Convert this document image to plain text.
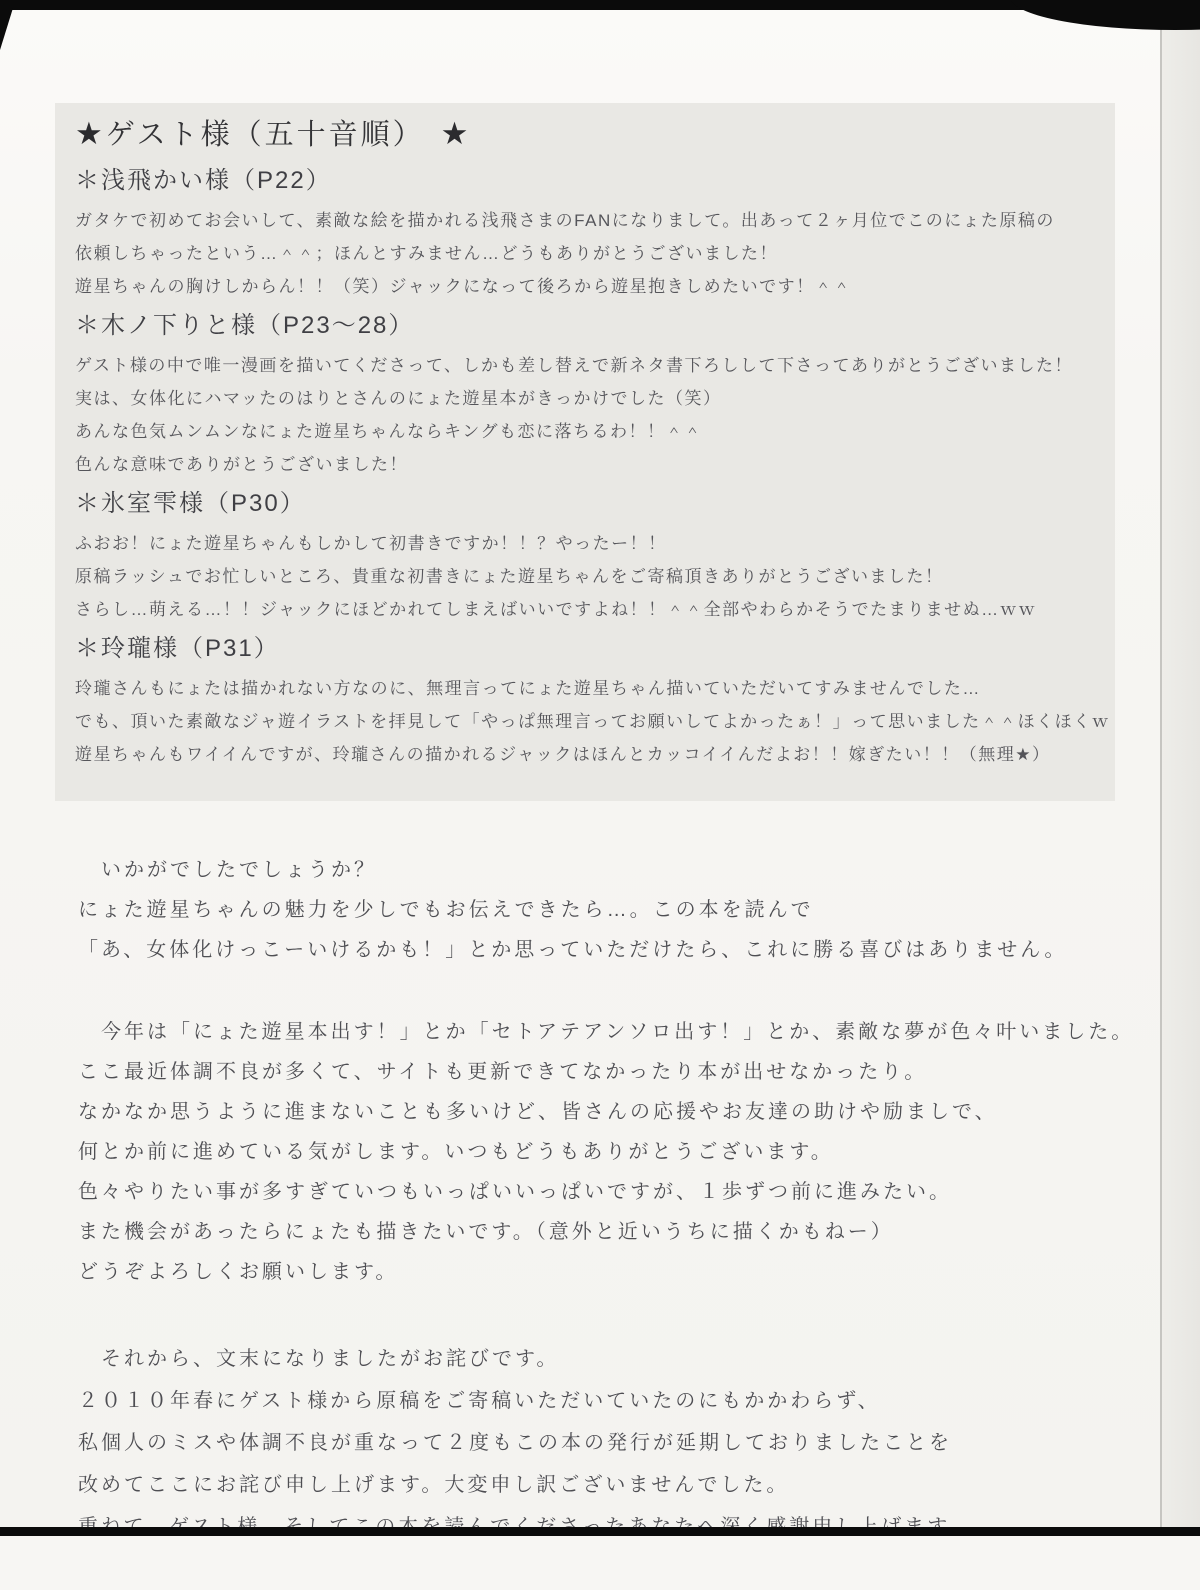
★ゲスト様（五十音順） ★
＊浅飛かい様（P22）
ガタケで初めてお会いして、素敵な絵を描かれる浅飛さまのFANになりまして。出あって２ヶ月位でこのにょた原稿の
依頼しちゃったという…＾＾；ほんとすみません…どうもありがとうございました！
遊星ちゃんの胸けしからん！！（笑）ジャックになって後ろから遊星抱きしめたいです！＾＾
＊木ノ下りと様（P23～28）
ゲスト様の中で唯一漫画を描いてくださって、しかも差し替えで新ネタ書下ろしして下さってありがとうございました！
実は、女体化にハマッたのはりとさんのにょた遊星本がきっかけでした（笑）
あんな色気ムンムンなにょた遊星ちゃんならキングも恋に落ちるわ！！＾＾
色んな意味でありがとうございました！
＊氷室雫様（P30）
ふおお！にょた遊星ちゃんもしかして初書きですか！！？やったー！！
原稿ラッシュでお忙しいところ、貴重な初書きにょた遊星ちゃんをご寄稿頂きありがとうございました！
さらし…萌える…！！ジャックにほどかれてしまえばいいですよね！！＾＾全部やわらかそうでたまりませぬ…ｗｗ
＊玲瓏様（P31）
玲瓏さんもにょたは描かれない方なのに、無理言ってにょた遊星ちゃん描いていただいてすみませんでした…
でも、頂いた素敵なジャ遊イラストを拝見して「やっぱ無理言ってお願いしてよかったぁ！」って思いました＾＾ほくほくｗ
遊星ちゃんもワイイんですが、玲瓏さんの描かれるジャックはほんとカッコイイんだよお！！嫁ぎたい！！（無理★）
　いかがでしたでしょうか？
にょた遊星ちゃんの魅力を少しでもお伝えできたら…。この本を読んで
「あ、女体化けっこーいけるかも！」とか思っていただけたら、これに勝る喜びはありません。
　今年は「にょた遊星本出す！」とか「セトアテアンソロ出す！」とか、素敵な夢が色々叶いました。
ここ最近体調不良が多くて、サイトも更新できてなかったり本が出せなかったり。
なかなか思うように進まないことも多いけど、皆さんの応援やお友達の助けや励ましで、
何とか前に進めている気がします。いつもどうもありがとうございます。
色々やりたい事が多すぎていつもいっぱいいっぱいですが、１歩ずつ前に進みたい。
また機会があったらにょたも描きたいです。（意外と近いうちに描くかもねー）
どうぞよろしくお願いします。
　それから、文末になりましたがお詫びです。
２０１０年春にゲスト様から原稿をご寄稿いただいていたのにもかかわらず、
私個人のミスや体調不良が重なって２度もこの本の発行が延期しておりましたことを
改めてここにお詫び申し上げます。大変申し訳ございませんでした。
